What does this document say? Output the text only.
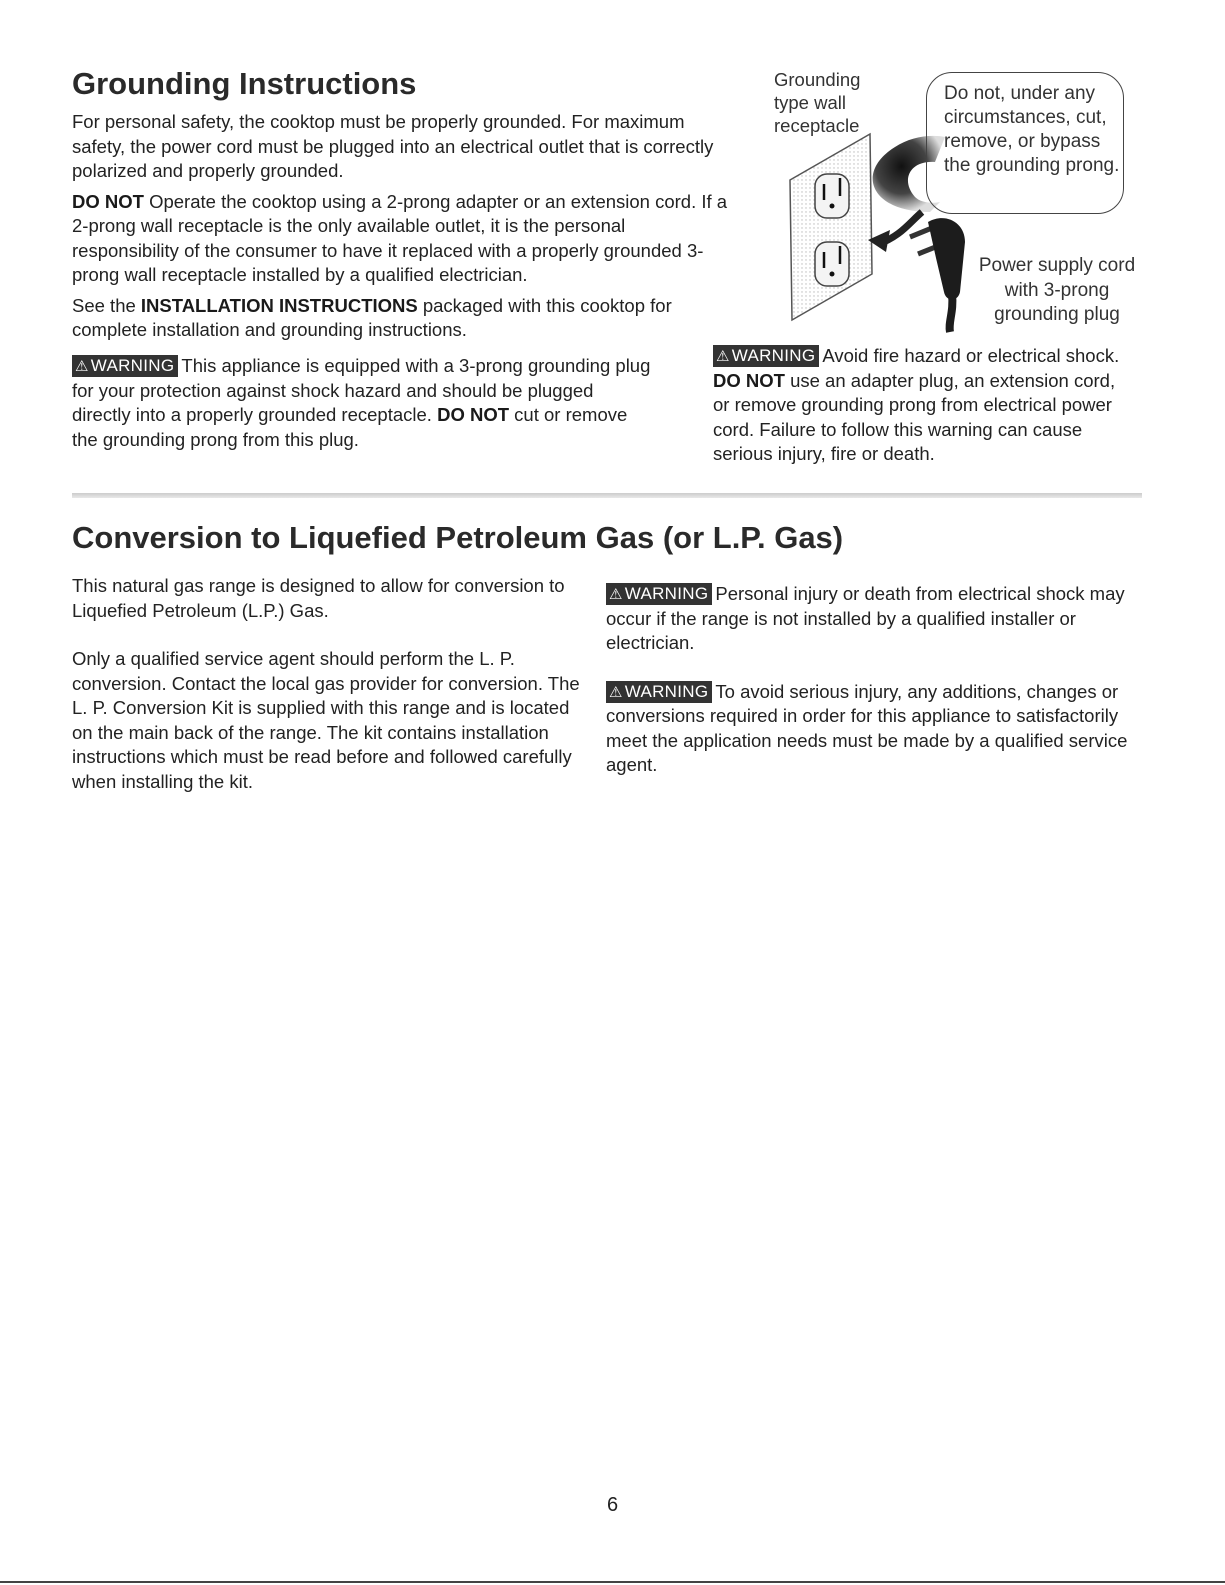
Grounding Instructions

For personal safety, the cooktop must be properly grounded. For maximum safety, the power cord must be plugged into an electrical outlet that is correctly polarized and properly grounded.

DO NOT Operate the cooktop using a 2-prong adapter or an extension cord. If a 2-prong wall receptacle is the only available outlet, it is the personal responsibility of the consumer to have it replaced with a properly grounded 3-prong wall receptacle installed by a qualified electrician.

See the INSTALLATION INSTRUCTIONS packaged with this cooktop for complete installation and grounding instructions.

⚠ WARNING This appliance is equipped with a 3-prong grounding plug for your protection against shock hazard and should be plugged directly into a properly grounded receptacle. DO NOT cut or remove the grounding prong from this plug.
Grounding type wall receptacle
Do not, under any circumstances, cut, remove, or bypass the grounding prong.
Power supply cord with 3-prong grounding plug
⚠ WARNING Avoid fire hazard or electrical shock. DO NOT use an adapter plug, an extension cord, or remove grounding prong from electrical power cord. Failure to follow this warning can cause serious injury, fire or death.
Conversion to Liquefied Petroleum Gas (or L.P. Gas)

This natural gas range is designed to allow for conversion to Liquefied Petroleum (L.P.) Gas.

Only a qualified service agent should perform the L. P. conversion. Contact the local gas provider for conversion. The L. P. Conversion Kit is supplied with this range and is located on the main back of the range. The kit contains installation instructions which must be read before and followed carefully when installing the kit.

⚠ WARNING Personal injury or death from electrical shock may occur if the range is not installed by a qualified installer or electrician.

⚠ WARNING To avoid serious injury, any additions, changes or conversions required in order for this appliance to satisfactorily meet the application needs must be made by a qualified service agent.

6
